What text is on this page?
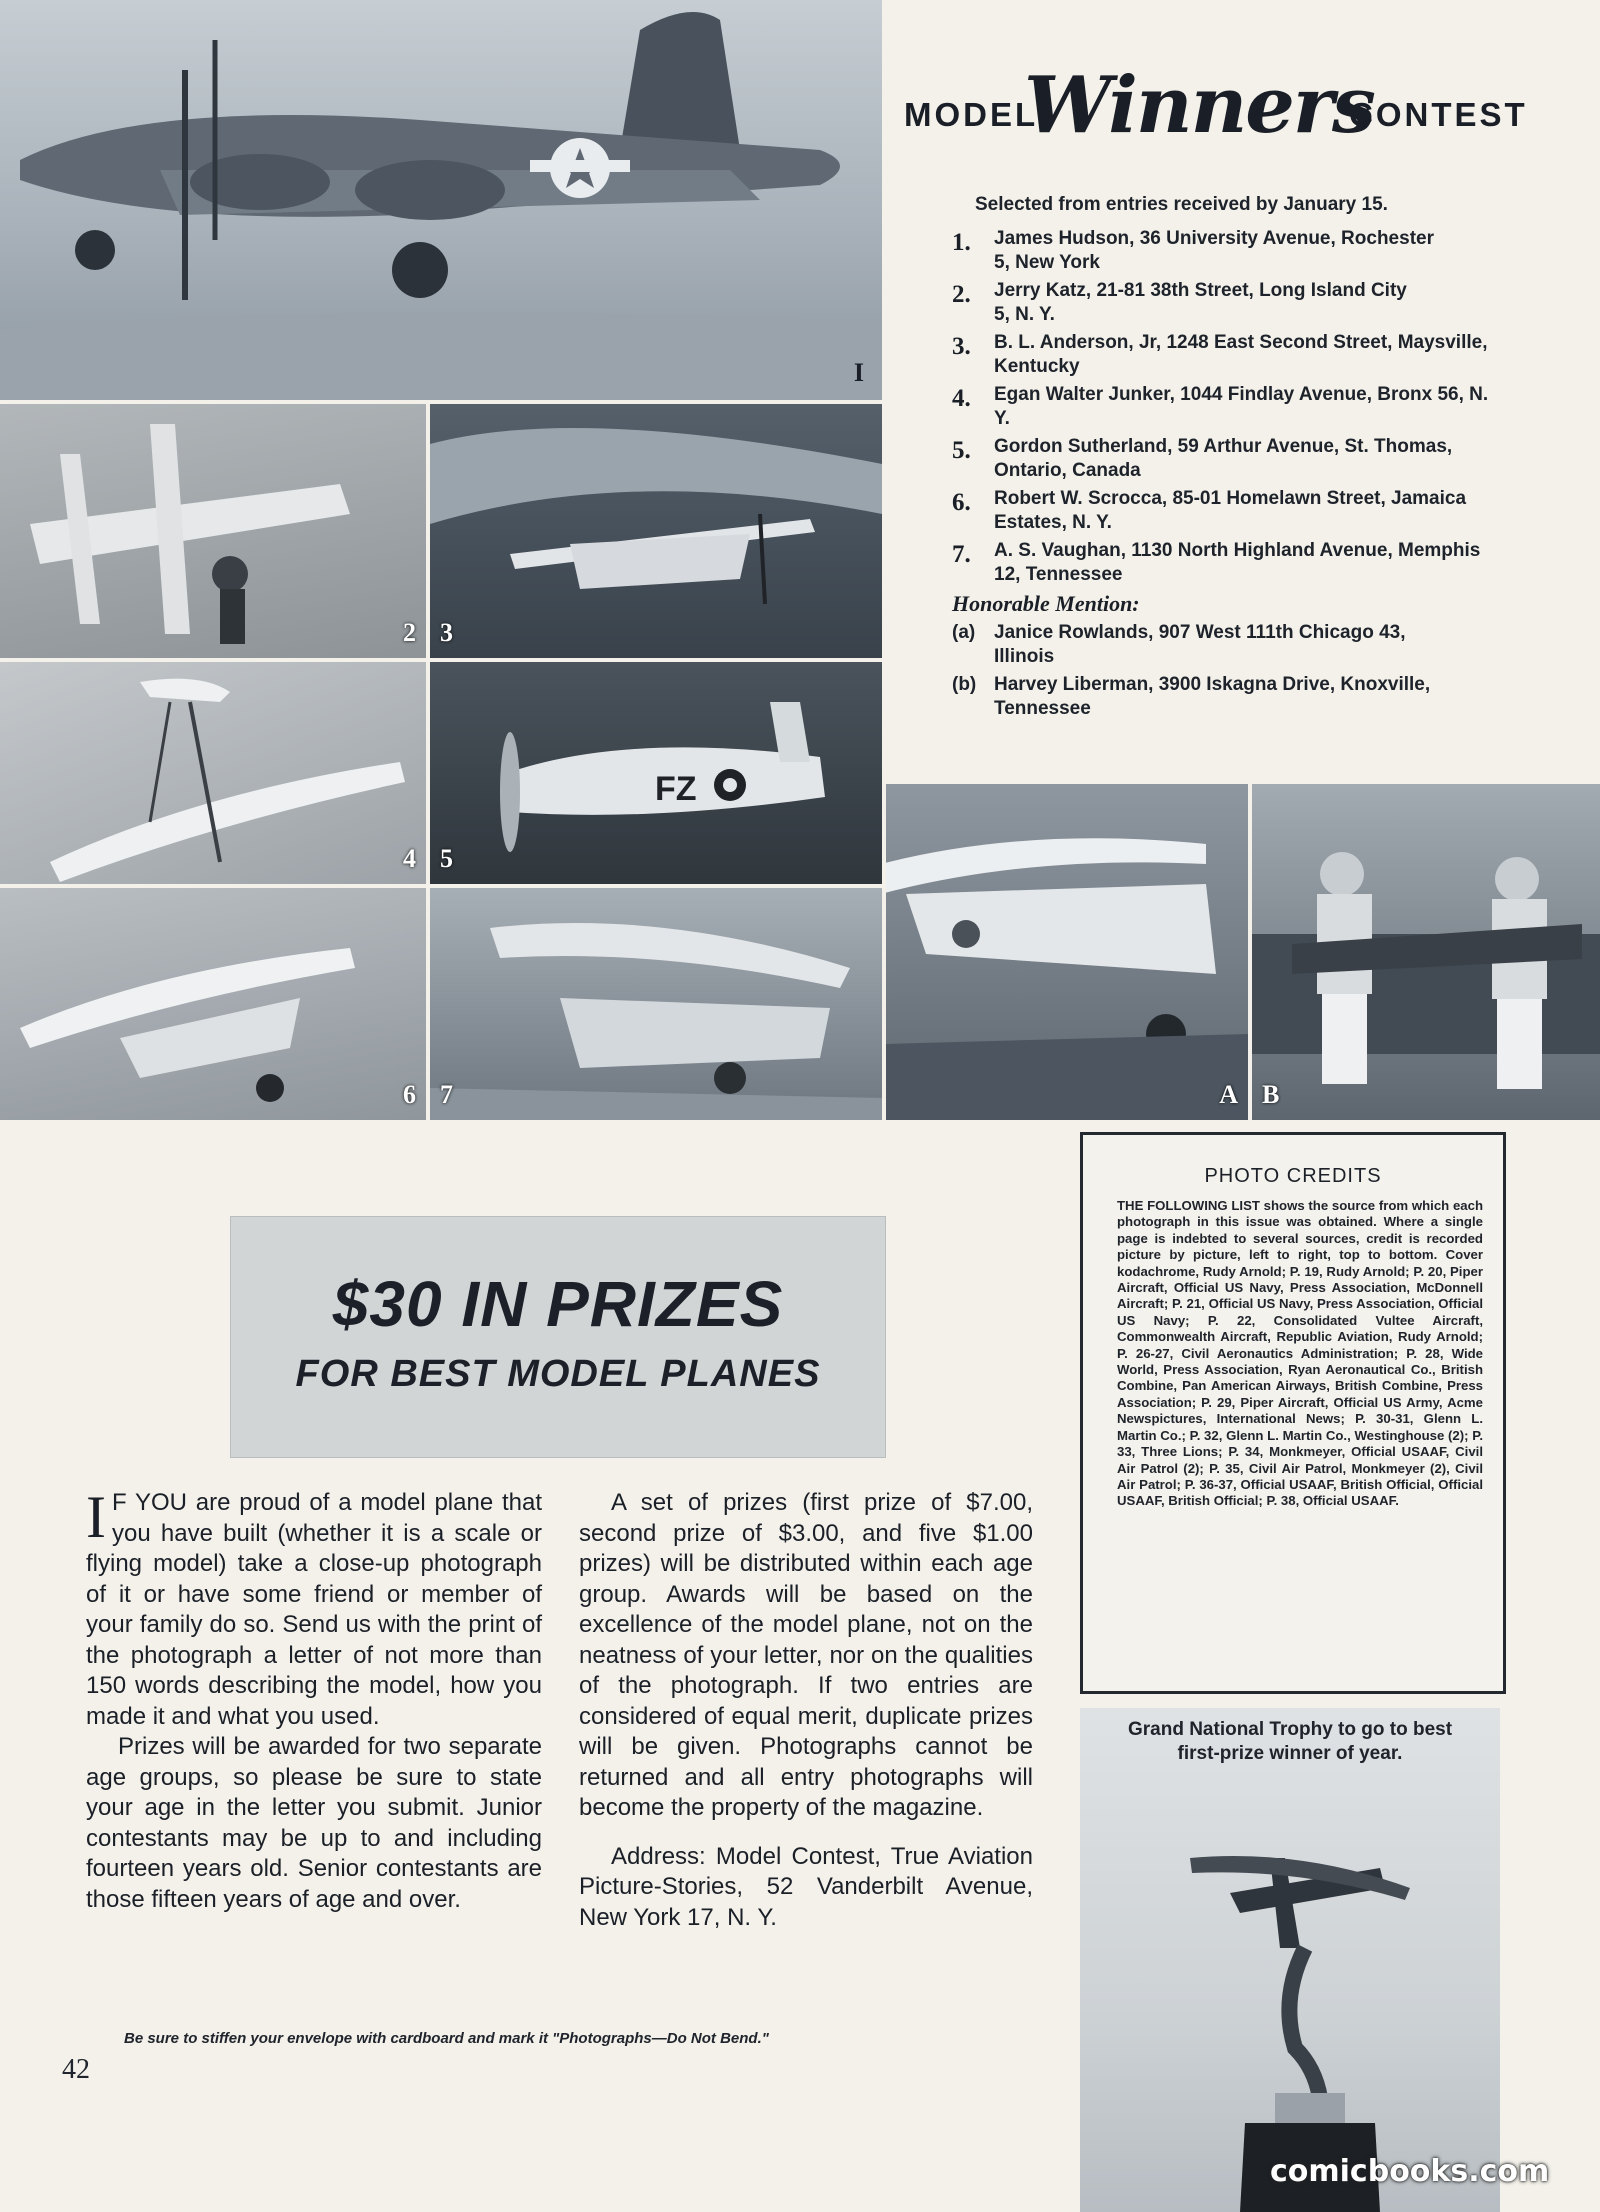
I
MODEL
Winners
CONTEST
Selected from entries received by January 15.
1.	James Hudson, 36 University Avenue, Rochester 5, New York
2.	Jerry Katz, 21-81 38th Street, Long Island City 5, N. Y.
3.	B. L. Anderson, Jr, 1248 East Second Street, Maysville, Kentucky
4.	Egan Walter Junker, 1044 Findlay Avenue, Bronx 56, N. Y.
5.	Gordon Sutherland, 59 Arthur Avenue, St. Thomas, Ontario, Canada
6.	Robert W. Scrocca, 85-01 Homelawn Street, Jamaica Estates, N. Y.
7.	A. S. Vaughan, 1130 North Highland Avenue, Memphis 12, Tennessee
Honorable Mention:
(a) Janice Rowlands, 907 West 111th Chicago 43, Illinois
(b) Harvey Liberman, 3900 Iskagna Drive, Knoxville, Tennessee
2 3
4
FZ
5
6 7	A B
$30 IN PRIZES
FOR BEST MODEL PLANES

I F YOU are proud of a model plane that you have built (whether it is a scale or flying model) take a close-up photograph of it or have some friend or member of your family do so. Send us with the print of the photograph a letter of not more than 150 words describing the model, how you made it and what you used.

Prizes will be awarded for two separate age groups, so please be sure to state your age in the letter you submit. Junior contestants may be up to and including fourteen years old. Senior contestants are those fifteen years of age and over.

A set of prizes (first prize of $7.00, second prize of $3.00, and five $1.00 prizes) will be distributed within each age group. Awards will be based on the excellence of the model plane, not on the neatness of your letter, nor on the qualities of the photograph. If two entries are considered of equal merit, duplicate prizes will be given. Photographs cannot be returned and all entry photographs will become the property of the magazine.

Address: Model Contest, True Aviation Picture-Stories, 52 Vanderbilt Avenue, New York 17, N. Y.

Be sure to stiffen your envelope with cardboard and mark it "Photographs—Do Not Bend."
42
PHOTO CREDITS
THE FOLLOWING LIST shows the source from which each photograph in this issue was obtained. Where a single page is indebted to several sources, credit is recorded picture by picture, left to right, top to bottom. Cover kodachrome, Rudy Arnold; P. 19, Rudy Arnold; P. 20, Piper Aircraft, Official US Navy, Press Association, McDonnell Aircraft; P. 21, Official US Navy, Press Association, Official US Navy; P. 22, Consolidated Vultee Aircraft, Commonwealth Aircraft, Republic Aviation, Rudy Arnold; P. 26-27, Civil Aeronautics Administration; P. 28, Wide World, Press Association, Ryan Aeronautical Co., British Combine, Pan American Airways, British Combine, Press Association; P. 29, Piper Aircraft, Official US Army, Acme Newspictures, International News; P. 30-31, Glenn L. Martin Co.; P. 32, Glenn L. Martin Co., Westinghouse (2); P. 33, Three Lions; P. 34, Monkmeyer, Official USAAF, Civil Air Patrol (2); P. 35, Civil Air Patrol, Monkmeyer (2), Civil Air Patrol; P. 36-37, Official USAAF, British Official, Official USAAF, British Official; P. 38, Official USAAF.
Grand National Trophy to go to best first-prize winner of year.
comicbooks.com
